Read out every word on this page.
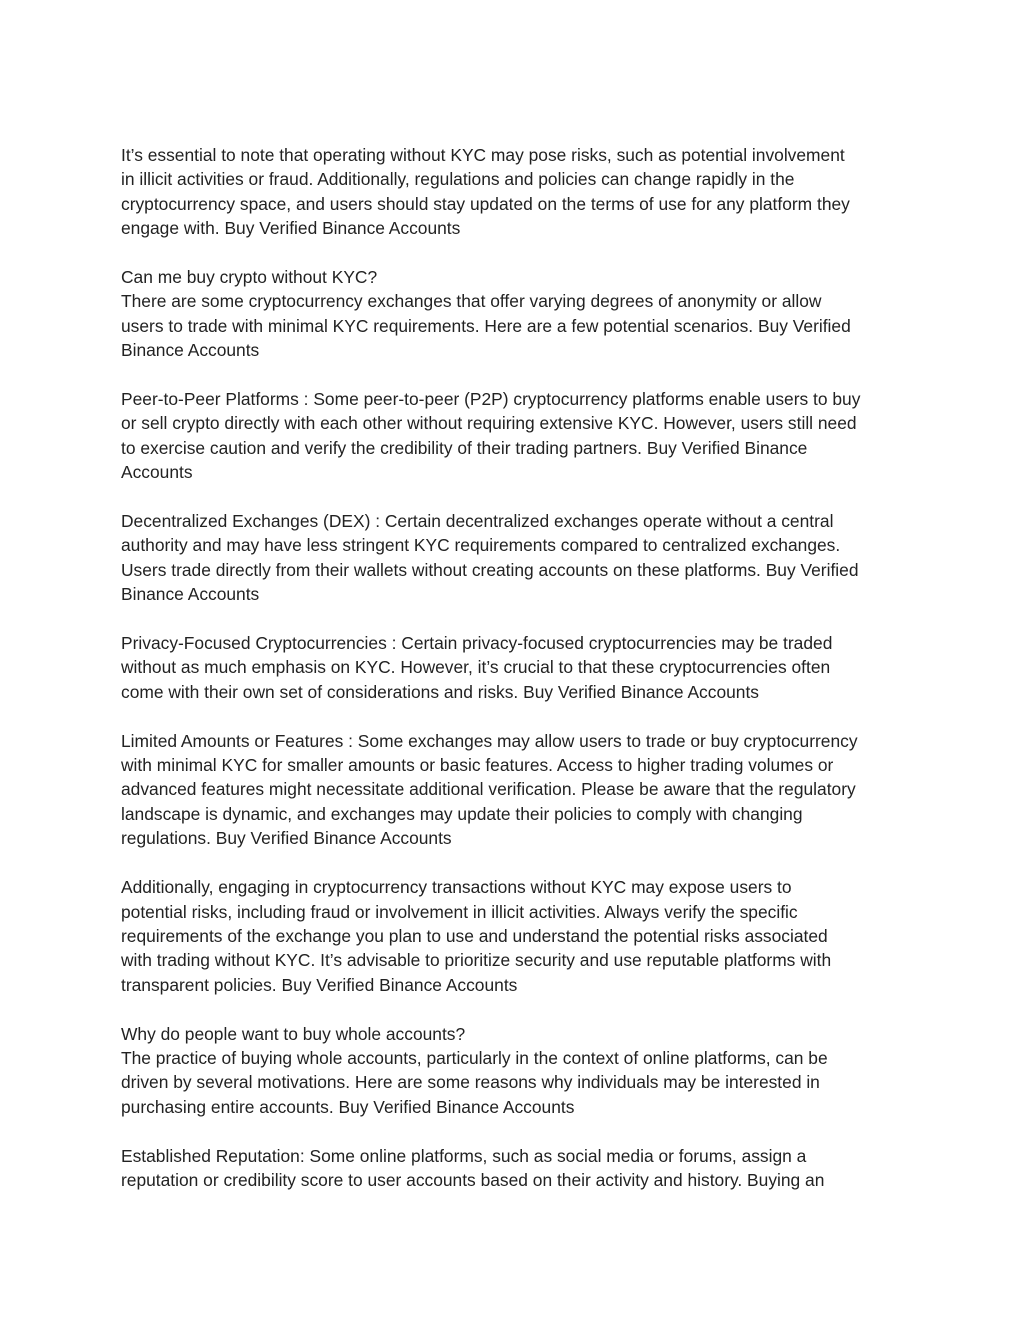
It’s essential to note that operating without KYC may pose risks, such as potential involvement
in illicit activities or fraud. Additionally, regulations and policies can change rapidly in the
cryptocurrency space, and users should stay updated on the terms of use for any platform they
engage with. Buy Verified Binance Accounts
Can me buy crypto without KYC?
There are some cryptocurrency exchanges that offer varying degrees of anonymity or allow
users to trade with minimal KYC requirements. Here are a few potential scenarios. Buy Verified
Binance Accounts
Peer-to-Peer Platforms : Some peer-to-peer (P2P) cryptocurrency platforms enable users to buy
or sell crypto directly with each other without requiring extensive KYC. However, users still need
to exercise caution and verify the credibility of their trading partners. Buy Verified Binance
Accounts
Decentralized Exchanges (DEX) : Certain decentralized exchanges operate without a central
authority and may have less stringent KYC requirements compared to centralized exchanges.
Users trade directly from their wallets without creating accounts on these platforms. Buy Verified
Binance Accounts
Privacy-Focused Cryptocurrencies : Certain privacy-focused cryptocurrencies may be traded
without as much emphasis on KYC. However, it’s crucial to that these cryptocurrencies often
come with their own set of considerations and risks. Buy Verified Binance Accounts
Limited Amounts or Features : Some exchanges may allow users to trade or buy cryptocurrency
with minimal KYC for smaller amounts or basic features. Access to higher trading volumes or
advanced features might necessitate additional verification. Please be aware that the regulatory
landscape is dynamic, and exchanges may update their policies to comply with changing
regulations. Buy Verified Binance Accounts
Additionally, engaging in cryptocurrency transactions without KYC may expose users to
potential risks, including fraud or involvement in illicit activities. Always verify the specific
requirements of the exchange you plan to use and understand the potential risks associated
with trading without KYC. It’s advisable to prioritize security and use reputable platforms with
transparent policies. Buy Verified Binance Accounts
Why do people want to buy whole accounts?
The practice of buying whole accounts, particularly in the context of online platforms, can be
driven by several motivations. Here are some reasons why individuals may be interested in
purchasing entire accounts. Buy Verified Binance Accounts
Established Reputation: Some online platforms, such as social media or forums, assign a
reputation or credibility score to user accounts based on their activity and history. Buying an
